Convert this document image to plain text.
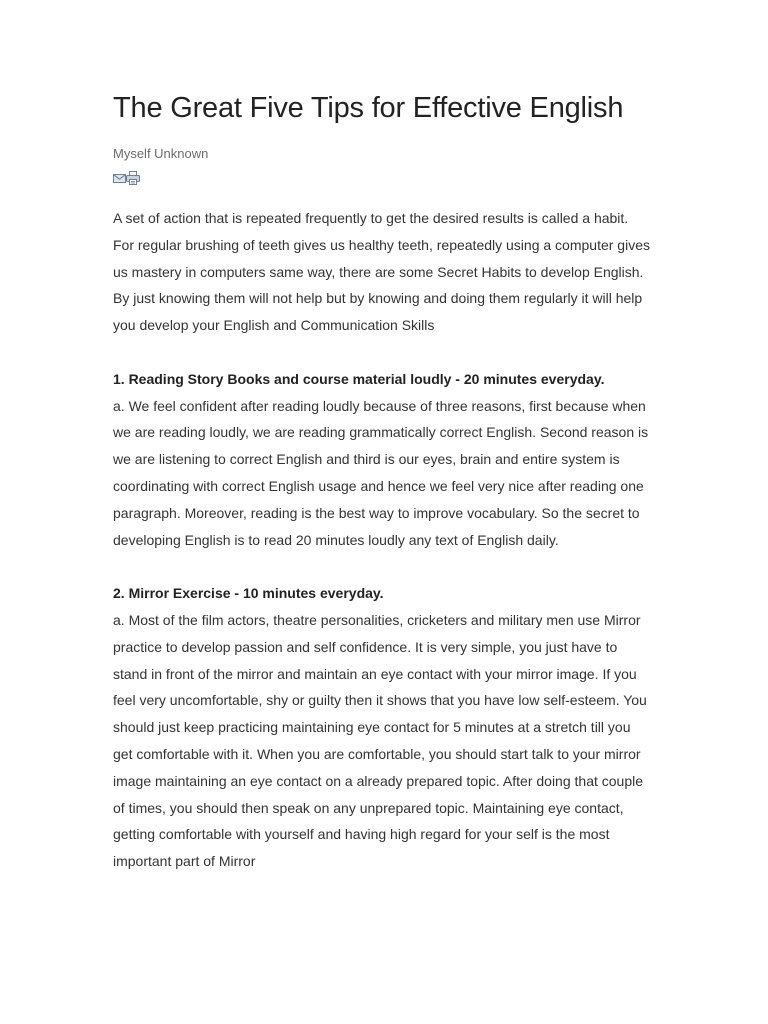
The Great Five Tips for Effective English
Myself Unknown

A set of action that is repeated frequently to get the desired results is called a habit. For regular brushing of teeth gives us healthy teeth, repeatedly using a computer gives us mastery in computers same way, there are some Secret Habits to develop English. By just knowing them will not help but by knowing and doing them regularly it will help you develop your English and Communication Skills

1. Reading Story Books and course material loudly - 20 minutes everyday.
a. We feel confident after reading loudly because of three reasons, first because when we are reading loudly, we are reading grammatically correct English. Second reason is we are listening to correct English and third is our eyes, brain and entire system is coordinating with correct English usage and hence we feel very nice after reading one paragraph. Moreover, reading is the best way to improve vocabulary. So the secret to developing English is to read 20 minutes loudly any text of English daily.

2. Mirror Exercise - 10 minutes everyday.
a. Most of the film actors, theatre personalities, cricketers and military men use Mirror practice to develop passion and self confidence. It is very simple, you just have to stand in front of the mirror and maintain an eye contact with your mirror image. If you feel very uncomfortable, shy or guilty then it shows that you have low self-esteem. You should just keep practicing maintaining eye contact for 5 minutes at a stretch till you get comfortable with it. When you are comfortable, you should start talk to your mirror image maintaining an eye contact on a already prepared topic. After doing that couple of times, you should then speak on any unprepared topic. Maintaining eye contact, getting comfortable with yourself and having high regard for your self is the most important part of Mirror
